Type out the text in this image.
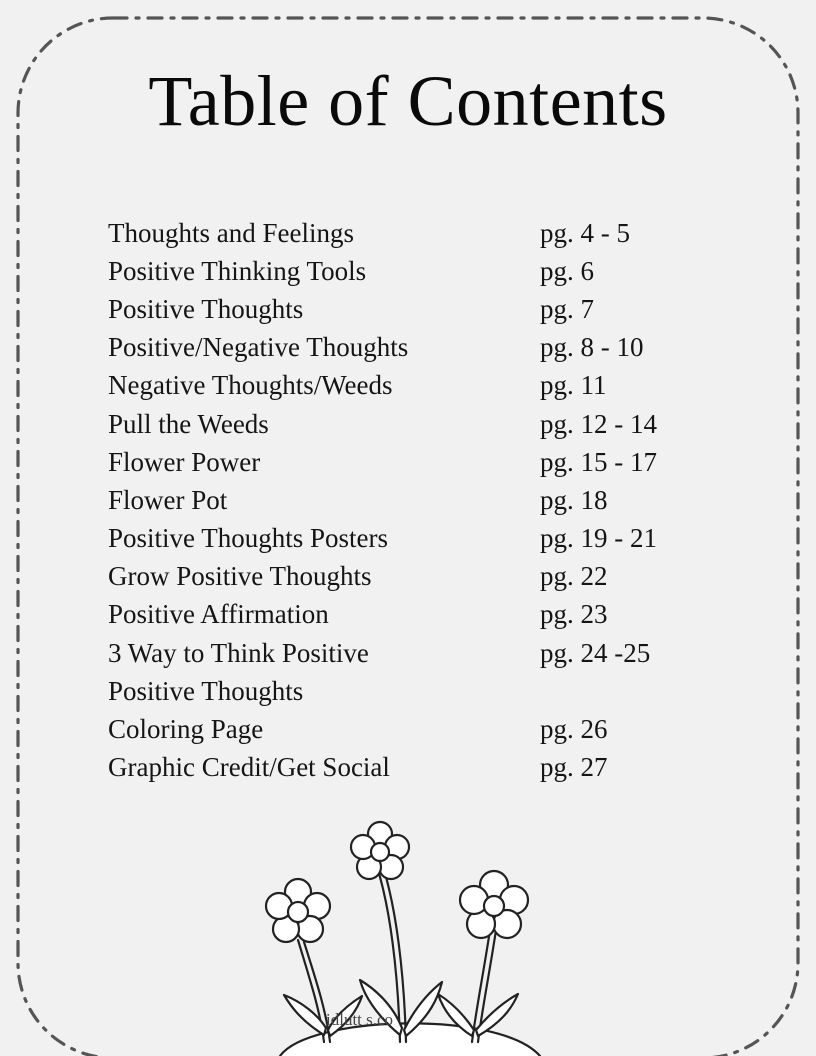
Table of Contents
Thoughts and Feelings	pg. 4 - 5
Positive Thinking Tools	pg. 6
Positive Thoughts	pg. 7
Positive/Negative Thoughts	pg. 8 - 10
Negative Thoughts/Weeds	pg. 11
Pull the Weeds	pg. 12 - 14
Flower Power	pg. 15 - 17
Flower Pot	pg. 18
Positive Thoughts Posters	pg. 19 - 21
Grow Positive Thoughts	pg. 22
Positive Affirmation	pg. 23
3 Way to Think Positive	pg. 24 -25
Positive Thoughts
Coloring Page	pg. 26
Graphic Credit/Get Social	pg. 27
idlutt s.co
